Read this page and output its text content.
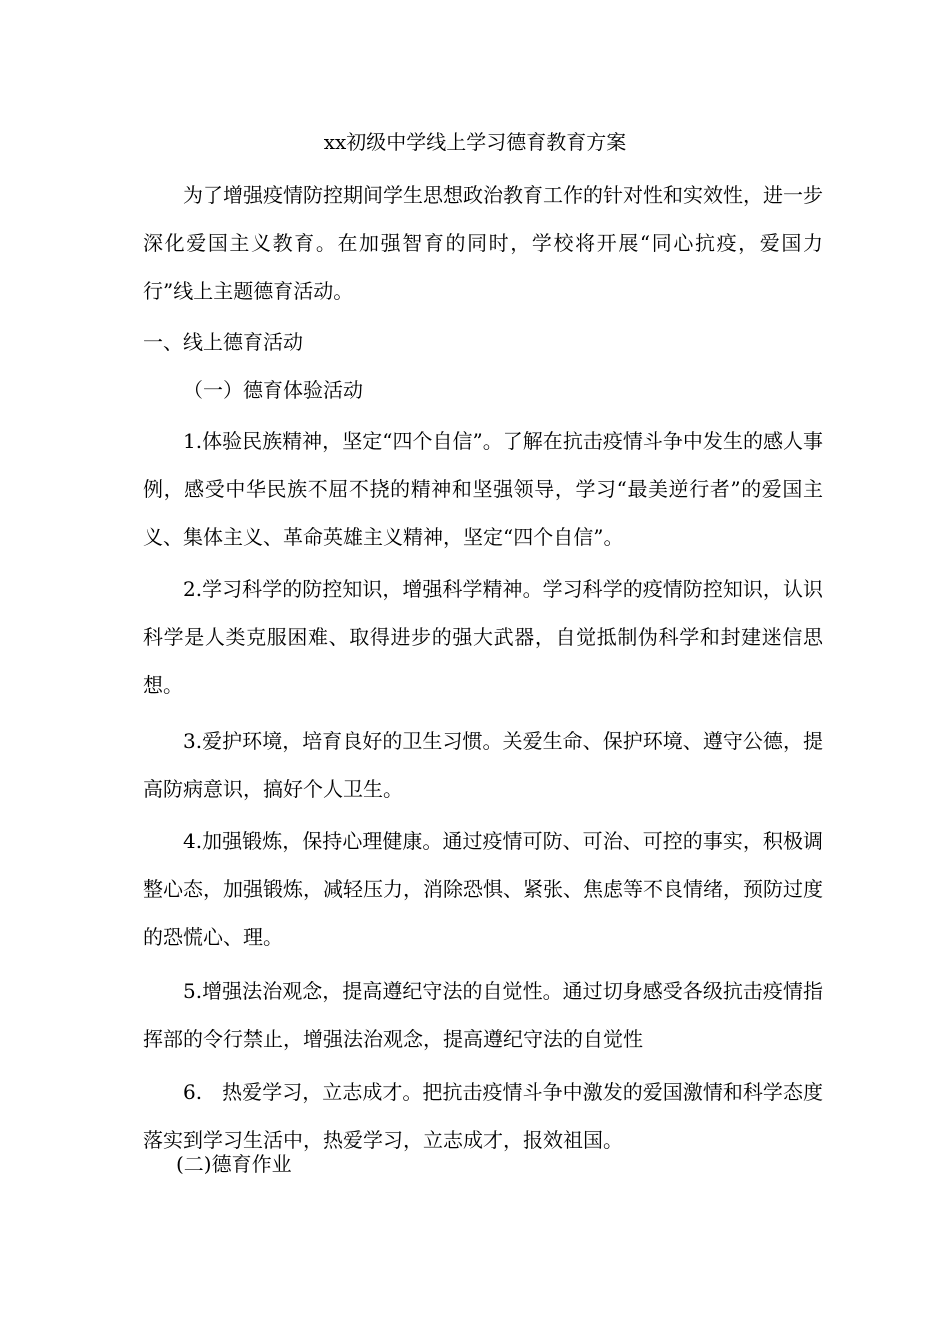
xx初级中学线上学习德育教育方案

为了增强疫情防控期间学生思想政治教育工作的针对性和实效性，进一步深化爱国主义教育。在加强智育的同时，学校将开展“同心抗疫，爱国力行”线上主题德育活动。

一、线上德育活动
（一）德育体验活动

1.体验民族精神，坚定“四个自信”。了解在抗击疫情斗争中发生的感人事例，感受中华民族不屈不挠的精神和坚强领导，学习“最美逆行者”的爱国主义、集体主义、革命英雄主义精神，坚定“四个自信”。

2.学习科学的防控知识，增强科学精神。学习科学的疫情防控知识，认识科学是人类克服困难、取得进步的强大武器，自觉抵制伪科学和封建迷信思想。

3.爱护环境，培育良好的卫生习惯。关爱生命、保护环境、遵守公德，提高防病意识，搞好个人卫生。

4.加强锻炼，保持心理健康。通过疫情可防、可治、可控的事实，积极调整心态，加强锻炼，减轻压力，消除恐惧、紧张、焦虑等不良情绪，预防过度的恐慌心、理。

5.增强法治观念，提高遵纪守法的自觉性。通过切身感受各级抗击疫情指挥部的令行禁止，增强法治观念，提高遵纪守法的自觉性

6.　热爱学习，立志成才。把抗击疫情斗争中激发的爱国激情和科学态度落实到学习生活中，热爱学习，立志成才，报效祖国。

(二)德育作业
